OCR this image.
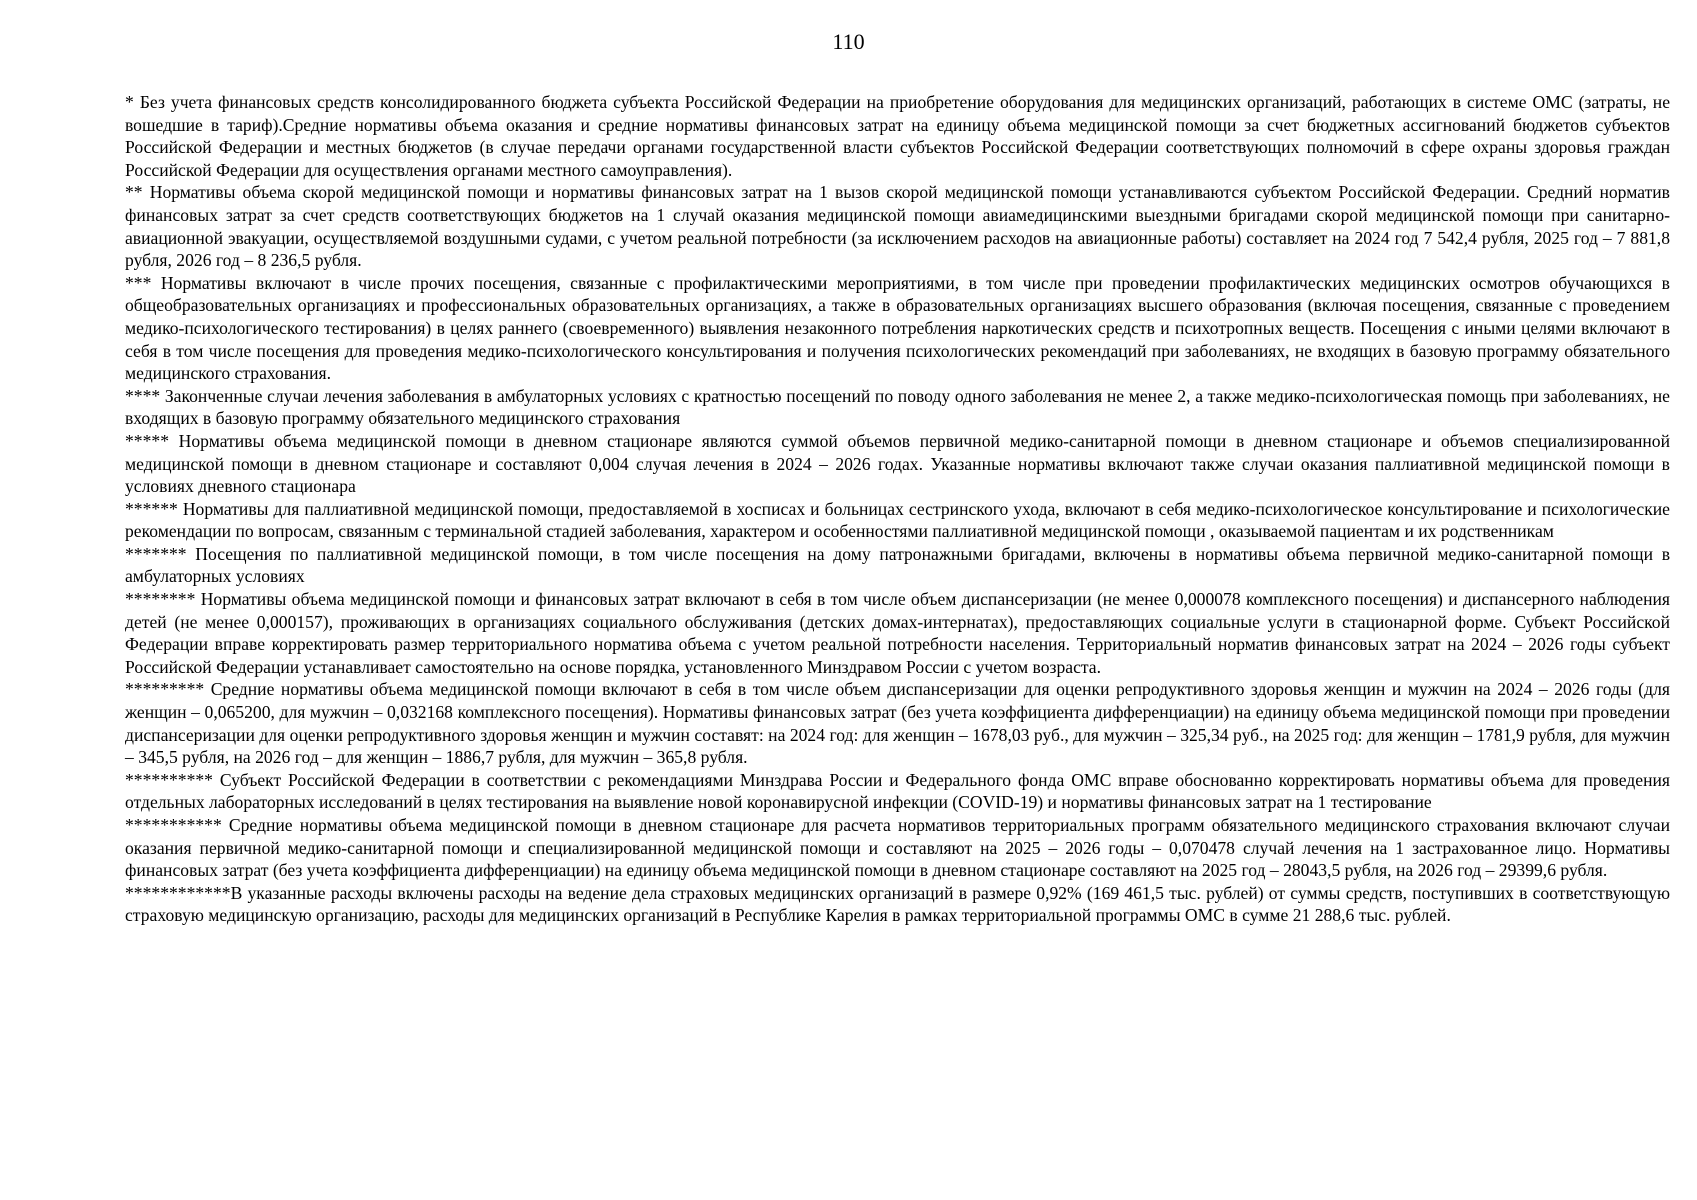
110

* Без учета финансовых средств консолидированного бюджета субъекта Российской Федерации на приобретение оборудования для медицинских организаций, работающих в системе ОМС (затраты, не вошедшие в тариф).Средние нормативы объема оказания и средние нормативы финансовых затрат на единицу объема медицинской помощи за счет бюджетных ассигнований бюджетов субъектов Российской Федерации и местных бюджетов (в случае передачи органами государственной власти субъектов Российской Федерации соответствующих полномочий в сфере охраны здоровья граждан Российской Федерации для осуществления органами местного самоуправления).

** Нормативы объема скорой медицинской помощи и нормативы финансовых затрат на 1 вызов скорой медицинской помощи устанавливаются субъектом Российской Федерации. Средний норматив финансовых затрат за счет средств соответствующих бюджетов на 1 случай оказания медицинской помощи авиамедицинскими выездными бригадами скорой медицинской помощи при санитарно-авиационной эвакуации, осуществляемой воздушными судами, с учетом реальной потребности (за исключением расходов на авиационные работы) составляет на 2024 год 7 542,4 рубля, 2025 год – 7 881,8 рубля, 2026 год – 8 236,5 рубля.

*** Нормативы включают в числе прочих посещения, связанные с профилактическими мероприятиями, в том числе при проведении профилактических медицинских осмотров обучающихся в общеобразовательных организациях и профессиональных образовательных организациях, а также в образовательных организациях высшего образования (включая посещения, связанные с проведением медико-психологического тестирования) в целях раннего (своевременного) выявления незаконного потребления наркотических средств и психотропных веществ. Посещения с иными целями включают в себя в том числе посещения для проведения медико-психологического консультирования и получения психологических рекомендаций при заболеваниях, не входящих в базовую программу обязательного медицинского страхования.

**** Законченные случаи лечения заболевания в амбулаторных условиях с кратностью посещений по поводу одного заболевания не менее 2, а также медико-психологическая помощь при заболеваниях, не входящих в базовую программу обязательного медицинского страхования

***** Нормативы объема медицинской помощи в дневном стационаре являются суммой объемов первичной медико-санитарной помощи в дневном стационаре и объемов специализированной медицинской помощи в дневном стационаре и составляют 0,004 случая лечения в 2024 – 2026 годах. Указанные нормативы включают также случаи оказания паллиативной медицинской помощи в условиях дневного стационара

****** Нормативы для паллиативной медицинской помощи, предоставляемой в хосписах и больницах сестринского ухода, включают в себя медико-психологическое консультирование и психологические рекомендации по вопросам, связанным с терминальной стадией заболевания, характером и особенностями паллиативной медицинской помощи , оказываемой пациентам и их родственникам

******* Посещения по паллиативной медицинской помощи, в том числе посещения на дому патронажными бригадами, включены в нормативы объема первичной медико-санитарной помощи в амбулаторных условиях

******** Нормативы объема медицинской помощи и финансовых затрат включают в себя в том числе объем диспансеризации (не менее 0,000078 комплексного посещения) и диспансерного наблюдения детей (не менее 0,000157), проживающих в организациях социального обслуживания (детских домах-интернатах), предоставляющих социальные услуги в стационарной форме. Субъект Российской Федерации вправе корректировать размер территориального норматива объема с учетом реальной потребности населения. Территориальный норматив финансовых затрат на 2024 – 2026 годы субъект Российской Федерации устанавливает самостоятельно на основе порядка, установленного Минздравом России с учетом возраста.

********* Средние нормативы объема медицинской помощи включают в себя в том числе объем диспансеризации для оценки репродуктивного здоровья женщин и мужчин на 2024 – 2026 годы (для женщин – 0,065200, для мужчин – 0,032168 комплексного посещения). Нормативы финансовых затрат (без учета коэффициента дифференциации) на единицу объема медицинской помощи при проведении диспансеризации для оценки репродуктивного здоровья женщин и мужчин составят: на 2024 год: для женщин – 1678,03 руб., для мужчин – 325,34 руб., на 2025 год: для женщин – 1781,9 рубля, для мужчин – 345,5 рубля, на 2026 год – для женщин – 1886,7 рубля, для мужчин – 365,8 рубля.

********** Субъект Российской Федерации в соответствии с рекомендациями Минздрава России и Федерального фонда ОМС вправе обоснованно корректировать нормативы объема для проведения отдельных лабораторных исследований в целях тестирования на выявление новой коронавирусной инфекции (COVID-19) и нормативы финансовых затрат на 1 тестирование

*********** Средние нормативы объема медицинской помощи в дневном стационаре для расчета нормативов территориальных программ обязательного медицинского страхования включают случаи оказания первичной медико-санитарной помощи и специализированной медицинской помощи и составляют на 2025 – 2026 годы – 0,070478 случай лечения на 1 застрахованное лицо. Нормативы финансовых затрат (без учета коэффициента дифференциации) на единицу объема медицинской помощи в дневном стационаре составляют на 2025 год – 28043,5 рубля, на 2026 год – 29399,6 рубля.

************В указанные расходы включены расходы на ведение дела страховых медицинских организаций в размере 0,92% (169 461,5 тыс. рублей) от суммы средств, поступивших в соответствующую страховую медицинскую организацию, расходы для медицинских организаций в Республике Карелия в рамках территориальной программы ОМС в сумме 21 288,6 тыс. рублей.
